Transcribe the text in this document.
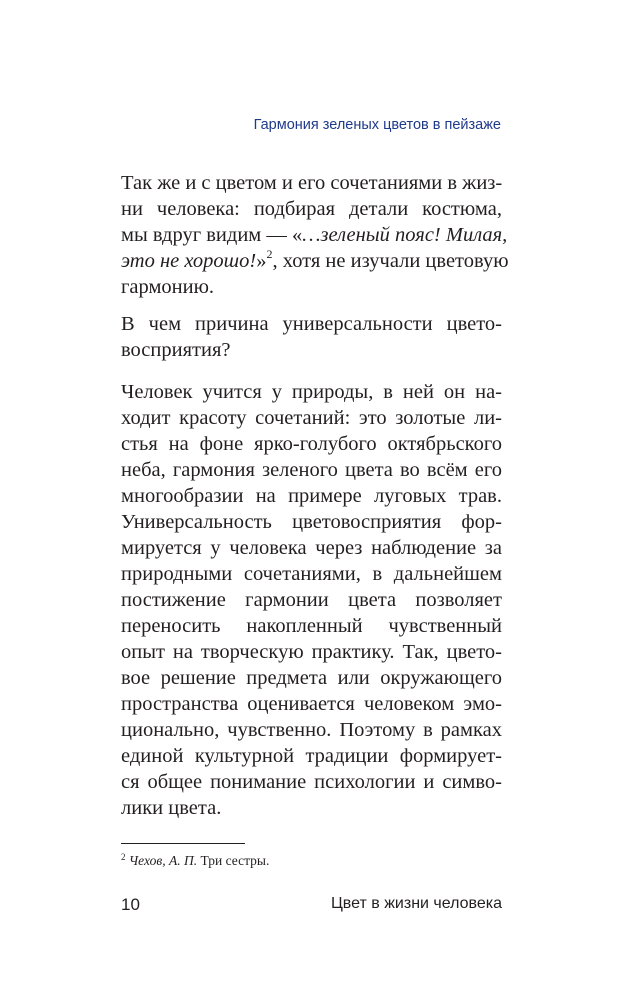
Гармония зеленых цветов в пейзаже
Так же и с цветом и его сочетаниями в жиз-
ни человека: подбирая детали костюма,
мы вдруг видим — «…зеленый пояс! Милая,
это не хорошо!»$^2$, хотя не изучали цветовую
гармонию.
В чем причина универсальности цвето-
восприятия?
Человек учится у природы, в ней он на-
ходит красоту сочетаний: это золотые ли-
стья на фоне ярко-голубого октябрьского
неба, гармония зеленого цвета во всём его
многообразии на примере луговых трав.
Универсальность цветовосприятия фор-
мируется у человека через наблюдение за
природными сочетаниями, в дальнейшем
постижение гармонии цвета позволяет
переносить накопленный чувственный
опыт на творческую практику. Так, цвето-
вое решение предмета или окружающего
пространства оценивается человеком эмо-
ционально, чувственно. Поэтому в рамках
единой культурной традиции формирует-
ся общее понимание психологии и симво-
лики цвета.
$^2$ Чехов, А. П. Три сестры.
10	Цвет в жизни человека
